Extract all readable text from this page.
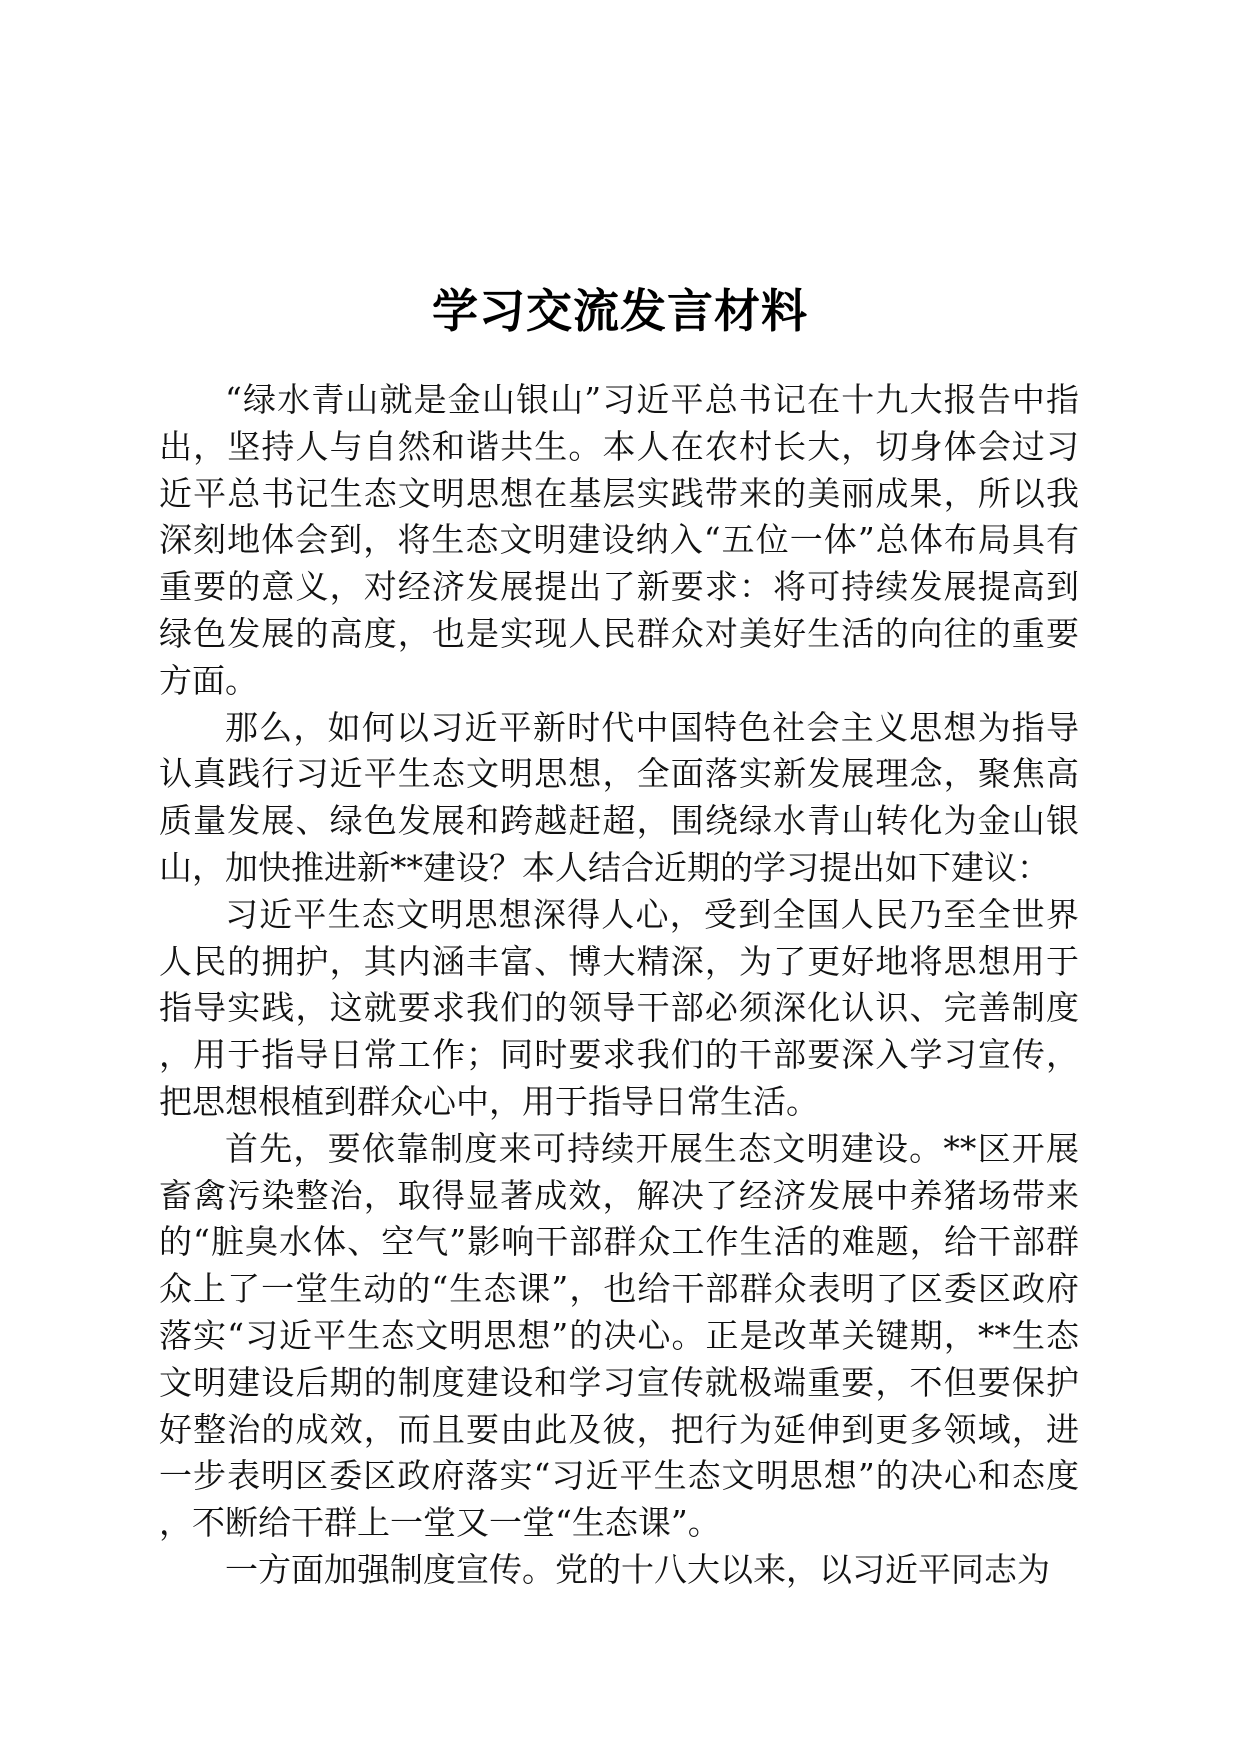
学习交流发言材料

“绿水青山就是金山银山”习近平总书记在十九大报告中指出，坚持人与自然和谐共生。本人在农村长大，切身体会过习近平总书记生态文明思想在基层实践带来的美丽成果，所以我深刻地体会到，将生态文明建设纳入“五位一体”总体布局具有重要的意义，对经济发展提出了新要求：将可持续发展提高到绿色发展的高度，也是实现人民群众对美好生活的向往的重要方面。

那么，如何以习近平新时代中国特色社会主义思想为指导认真践行习近平生态文明思想，全面落实新发展理念，聚焦高质量发展、绿色发展和跨越赶超，围绕绿水青山转化为金山银山，加快推进新**建设？本人结合近期的学习提出如下建议：

习近平生态文明思想深得人心，受到全国人民乃至全世界人民的拥护，其内涵丰富、博大精深，为了更好地将思想用于指导实践，这就要求我们的领导干部必须深化认识、完善制度，用于指导日常工作；同时要求我们的干部要深入学习宣传，把思想根植到群众心中，用于指导日常生活。

首先，要依靠制度来可持续开展生态文明建设。**区开展畜禽污染整治，取得显著成效，解决了经济发展中养猪场带来的“脏臭水体、空气”影响干部群众工作生活的难题，给干部群众上了一堂生动的“生态课”，也给干部群众表明了区委区政府落实“习近平生态文明思想”的决心。正是改革关键期，**生态文明建设后期的制度建设和学习宣传就极端重要，不但要保护好整治的成效，而且要由此及彼，把行为延伸到更多领域，进一步表明区委区政府落实“习近平生态文明思想”的决心和态度，不断给干群上一堂又一堂“生态课”。

一方面加强制度宣传。党的十八大以来，以习近平同志为
